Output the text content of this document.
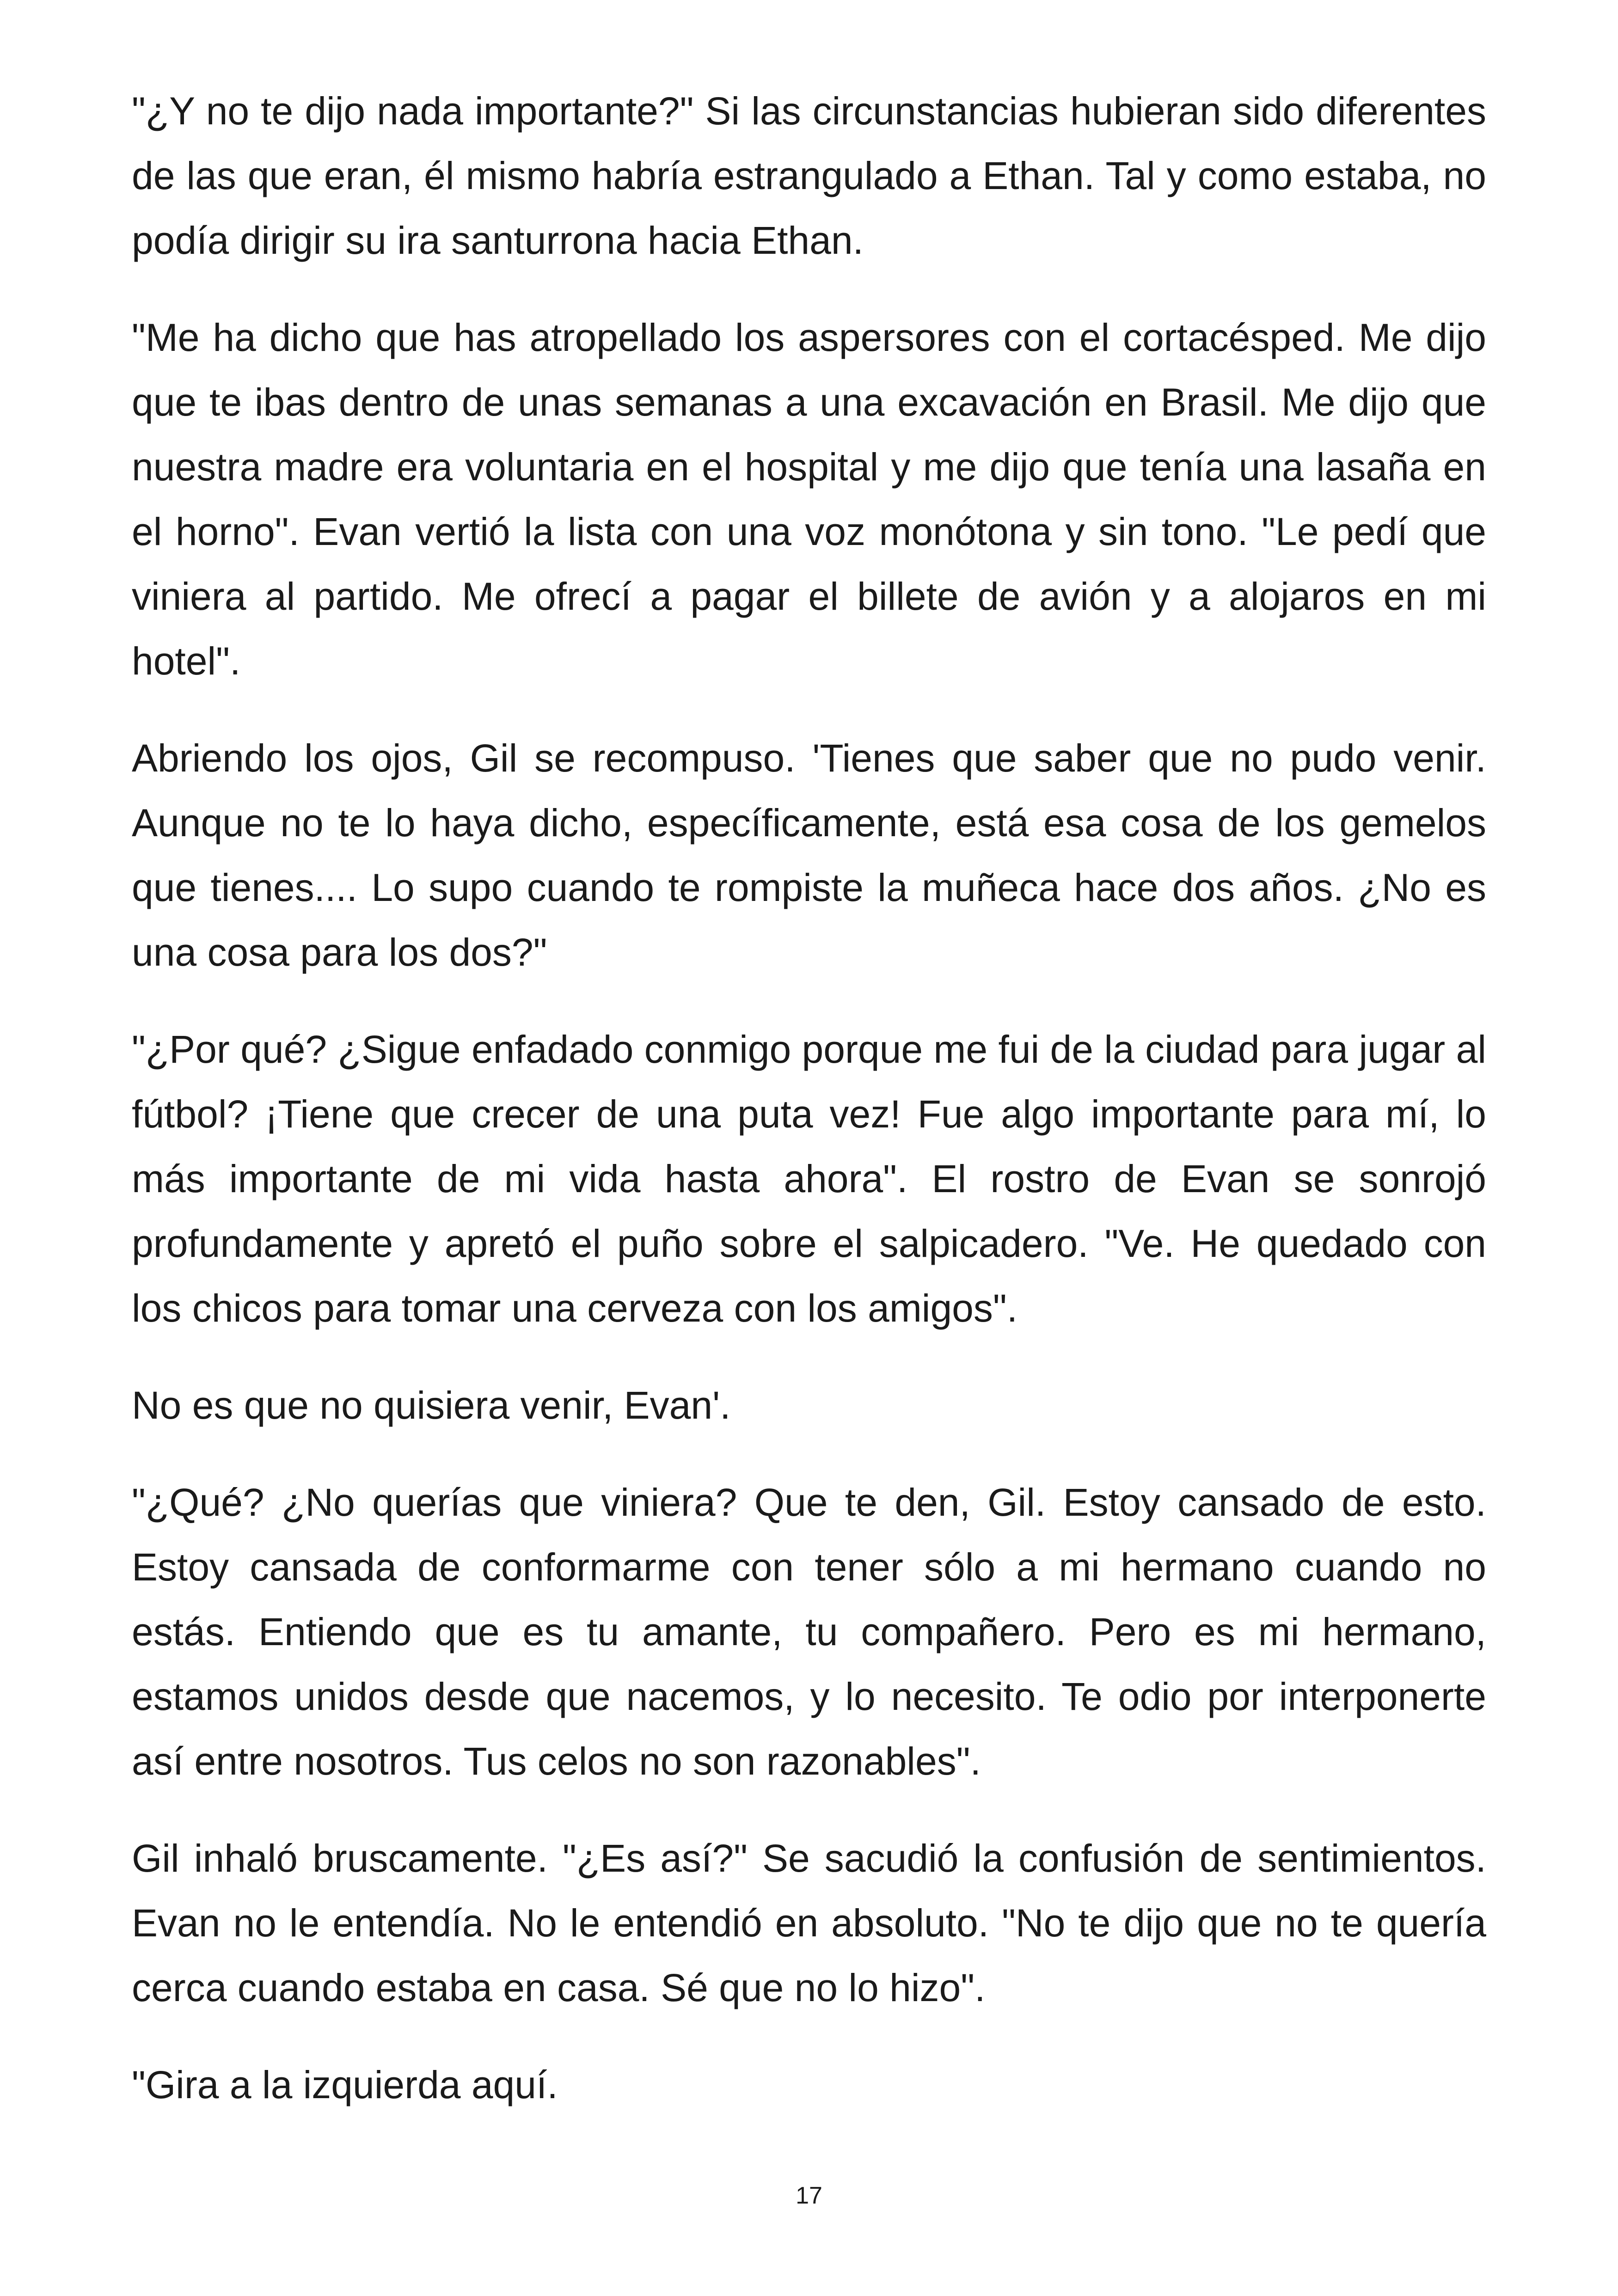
"¿Y no te dijo nada importante?" Si las circunstancias hubieran sido diferentes de las que eran, él mismo habría estrangulado a Ethan. Tal y como estaba, no podía dirigir su ira santurrona hacia Ethan.

"Me ha dicho que has atropellado los aspersores con el cortacésped. Me dijo que te ibas dentro de unas semanas a una excavación en Brasil. Me dijo que nuestra madre era voluntaria en el hospital y me dijo que tenía una lasaña en el horno". Evan vertió la lista con una voz monótona y sin tono. "Le pedí que viniera al partido. Me ofrecí a pagar el billete de avión y a alojaros en mi hotel".

Abriendo los ojos, Gil se recompuso. 'Tienes que saber que no pudo venir. Aunque no te lo haya dicho, específicamente, está esa cosa de los gemelos que tienes.... Lo supo cuando te rompiste la muñeca hace dos años. ¿No es una cosa para los dos?"

"¿Por qué? ¿Sigue enfadado conmigo porque me fui de la ciudad para jugar al fútbol? ¡Tiene que crecer de una puta vez! Fue algo importante para mí, lo más importante de mi vida hasta ahora". El rostro de Evan se sonrojó profundamente y apretó el puño sobre el salpicadero. "Ve. He quedado con los chicos para tomar una cerveza con los amigos".

No es que no quisiera venir, Evan'.

"¿Qué? ¿No querías que viniera? Que te den, Gil. Estoy cansado de esto. Estoy cansada de conformarme con tener sólo a mi hermano cuando no estás. Entiendo que es tu amante, tu compañero. Pero es mi hermano, estamos unidos desde que nacemos, y lo necesito. Te odio por interponerte así entre nosotros. Tus celos no son razonables".

Gil inhaló bruscamente. "¿Es así?" Se sacudió la confusión de sentimientos. Evan no le entendía. No le entendió en absoluto. "No te dijo que no te quería cerca cuando estaba en casa. Sé que no lo hizo".

"Gira a la izquierda aquí.

17
